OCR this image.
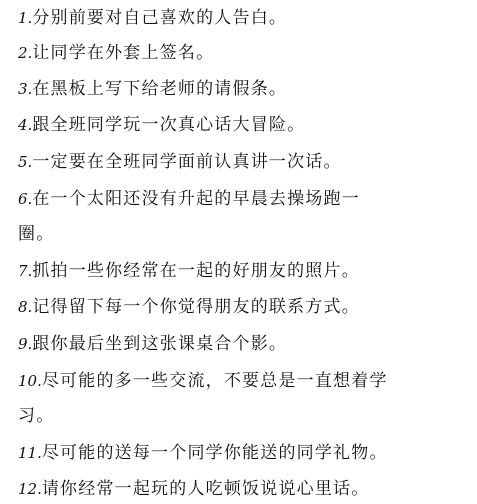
1.分别前要对自己喜欢的人告白。
2.让同学在外套上签名。
3.在黑板上写下给老师的请假条。
4.跟全班同学玩一次真心话大冒险。
5.一定要在全班同学面前认真讲一次话。
6.在一个太阳还没有升起的早晨去操场跑一
圈。
7.抓拍一些你经常在一起的好朋友的照片。
8.记得留下每一个你觉得朋友的联系方式。
9.跟你最后坐到这张课桌合个影。
10.尽可能的多一些交流，不要总是一直想着学
习。
11.尽可能的送每一个同学你能送的同学礼物。
12.请你经常一起玩的人吃顿饭说说心里话。
